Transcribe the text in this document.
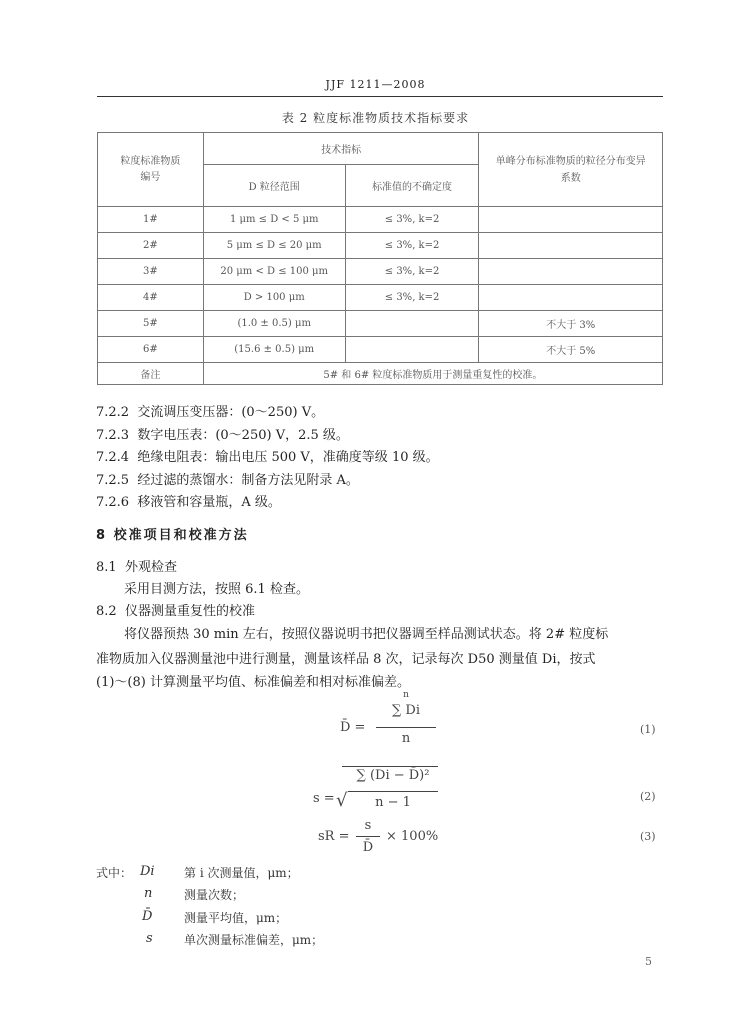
JJF 1211—2008
表 2 粒度标准物质技术指标要求
粒度标准物质编号	技术指标		单峰分布标准物质的粒径分布变异系数
	D 粒径范围	标准值的不确定度	
1#	1 μm ≤ D < 5 μm	≤ 3%, k=2	
2#	5 μm ≤ D ≤ 20 μm	≤ 3%, k=2	
3#	20 μm < D ≤ 100 μm	≤ 3%, k=2	
4#	D > 100 μm	≤ 3%, k=2	
5#	(1.0 ± 0.5) μm		不大于 3%
6#	(15.6 ± 0.5) μm		不大于 5%
备注	5# 和 6# 粒度标准物质用于测量重复性的校准。		
7.2.2 交流调压变压器：(0～250) V。
7.2.3 数字电压表：(0～250) V，2.5 级。
7.2.4 绝缘电阻表：输出电压 500 V，准确度等级 10 级。
7.2.5 经过滤的蒸馏水：制备方法见附录 A。
7.2.6 移液管和容量瓶，A 级。
8 校准项目和校准方法
8.1 外观检查
采用目测方法，按照 6.1 检查。
8.2 仪器测量重复性的校准
将仪器预热 30 min 左右，按照仪器说明书把仪器调至样品测试状态。将 2# 粒度标
准物质加入仪器测量池中进行测量，测量该样品 8 次，记录每次 D50 测量值 Di，按式
(1)～(8) 计算测量平均值、标准偏差和相对标准偏差。
D̄ =
n
∑ Di
n
(1)
s = √
∑ (Di − D̄)²
n − 1	(2)
sR =
s
D̄
× 100%	(3)
式中： Di 第 i 次测量值，μm；
n	测量次数；
D̄	测量平均值，μm；
s	单次测量标准偏差，μm；
5
